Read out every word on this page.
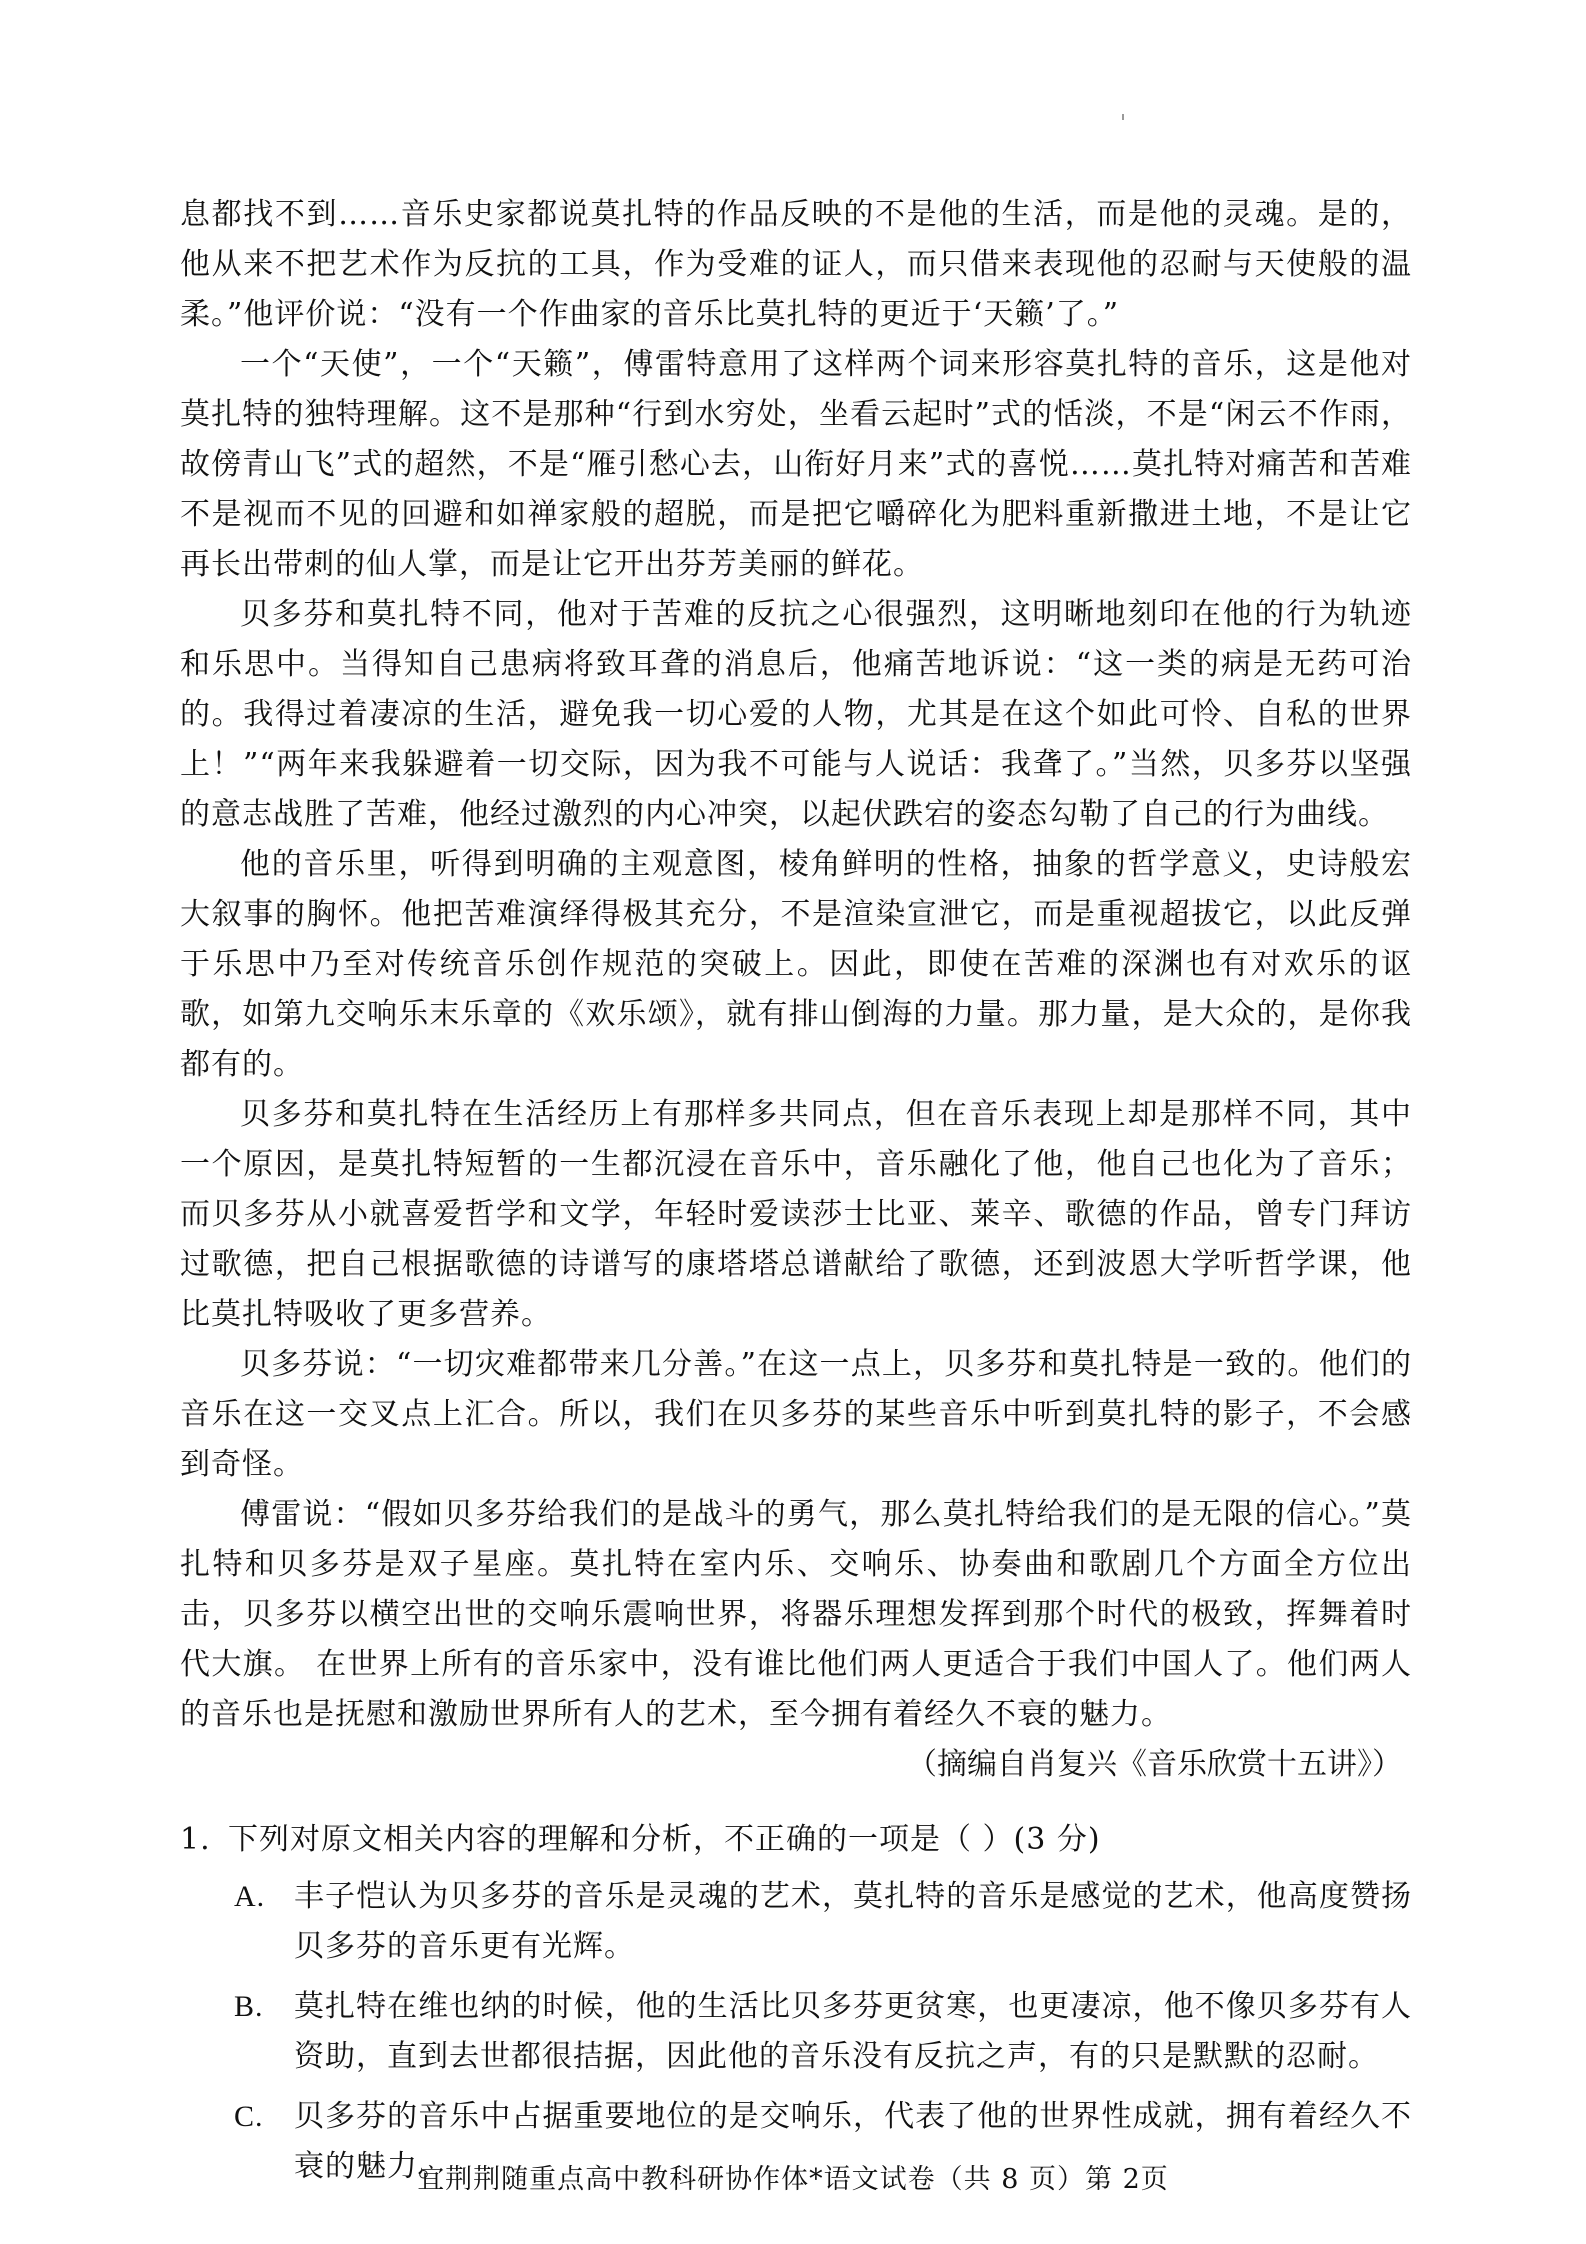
息都找不到……音乐史家都说莫扎特的作品反映的不是他的生活，而是他的灵魂。是的，他从来不把艺术作为反抗的工具，作为受难的证人，而只借来表现他的忍耐与天使般的温柔。”他评价说：“没有一个作曲家的音乐比莫扎特的更近于‘天籁’了。”

一个“天使”，一个“天籁”，傅雷特意用了这样两个词来形容莫扎特的音乐，这是他对莫扎特的独特理解。这不是那种“行到水穷处，坐看云起时”式的恬淡，不是“闲云不作雨，故傍青山飞”式的超然，不是“雁引愁心去，山衔好月来”式的喜悦……莫扎特对痛苦和苦难不是视而不见的回避和如禅家般的超脱，而是把它嚼碎化为肥料重新撒进土地，不是让它再长出带刺的仙人掌，而是让它开出芬芳美丽的鲜花。

贝多芬和莫扎特不同，他对于苦难的反抗之心很强烈，这明晰地刻印在他的行为轨迹和乐思中。当得知自己患病将致耳聋的消息后，他痛苦地诉说：“这一类的病是无药可治的。我得过着凄凉的生活，避免我一切心爱的人物，尤其是在这个如此可怜、自私的世界上！”“两年来我躲避着一切交际，因为我不可能与人说话：我聋了。”当然，贝多芬以坚强的意志战胜了苦难，他经过激烈的内心冲突，以起伏跌宕的姿态勾勒了自己的行为曲线。

他的音乐里，听得到明确的主观意图，棱角鲜明的性格，抽象的哲学意义，史诗般宏大叙事的胸怀。他把苦难演绎得极其充分，不是渲染宣泄它，而是重视超拔它，以此反弹于乐思中乃至对传统音乐创作规范的突破上。因此，即使在苦难的深渊也有对欢乐的讴歌，如第九交响乐末乐章的《欢乐颂》，就有排山倒海的力量。那力量，是大众的，是你我都有的。

贝多芬和莫扎特在生活经历上有那样多共同点，但在音乐表现上却是那样不同，其中一个原因，是莫扎特短暂的一生都沉浸在音乐中，音乐融化了他，他自己也化为了音乐；而贝多芬从小就喜爱哲学和文学，年轻时爱读莎士比亚、莱辛、歌德的作品，曾专门拜访过歌德，把自己根据歌德的诗谱写的康塔塔总谱献给了歌德，还到波恩大学听哲学课，他比莫扎特吸收了更多营养。

贝多芬说：“一切灾难都带来几分善。”在这一点上，贝多芬和莫扎特是一致的。他们的音乐在这一交叉点上汇合。所以，我们在贝多芬的某些音乐中听到莫扎特的影子，不会感到奇怪。

傅雷说：“假如贝多芬给我们的是战斗的勇气，那么莫扎特给我们的是无限的信心。”莫扎特和贝多芬是双子星座。莫扎特在室内乐、交响乐、协奏曲和歌剧几个方面全方位出击，贝多芬以横空出世的交响乐震响世界，将器乐理想发挥到那个时代的极致，挥舞着时代大旗。 在世界上所有的音乐家中，没有谁比他们两人更适合于我们中国人了。他们两人的音乐也是抚慰和激励世界所有人的艺术，至今拥有着经久不衰的魅力。

（摘编自肖复兴《音乐欣赏十五讲》）

1. 下列对原文相关内容的理解和分析，不正确的一项是（ ）(3 分)
A. 丰子恺认为贝多芬的音乐是灵魂的艺术，莫扎特的音乐是感觉的艺术，他高度赞扬贝多芬的音乐更有光辉。
B.	莫扎特在维也纳的时候，他的生活比贝多芬更贫寒，也更凄凉，他不像贝多芬有人资助，直到去世都很拮据，因此他的音乐没有反抗之声，有的只是默默的忍耐。
C.	贝多芬的音乐中占据重要地位的是交响乐，代表了他的世界性成就，拥有着经久不衰的魅力。
宜荆荆随重点高中教科研协作体*语文试卷（共 8 页）第 2页
